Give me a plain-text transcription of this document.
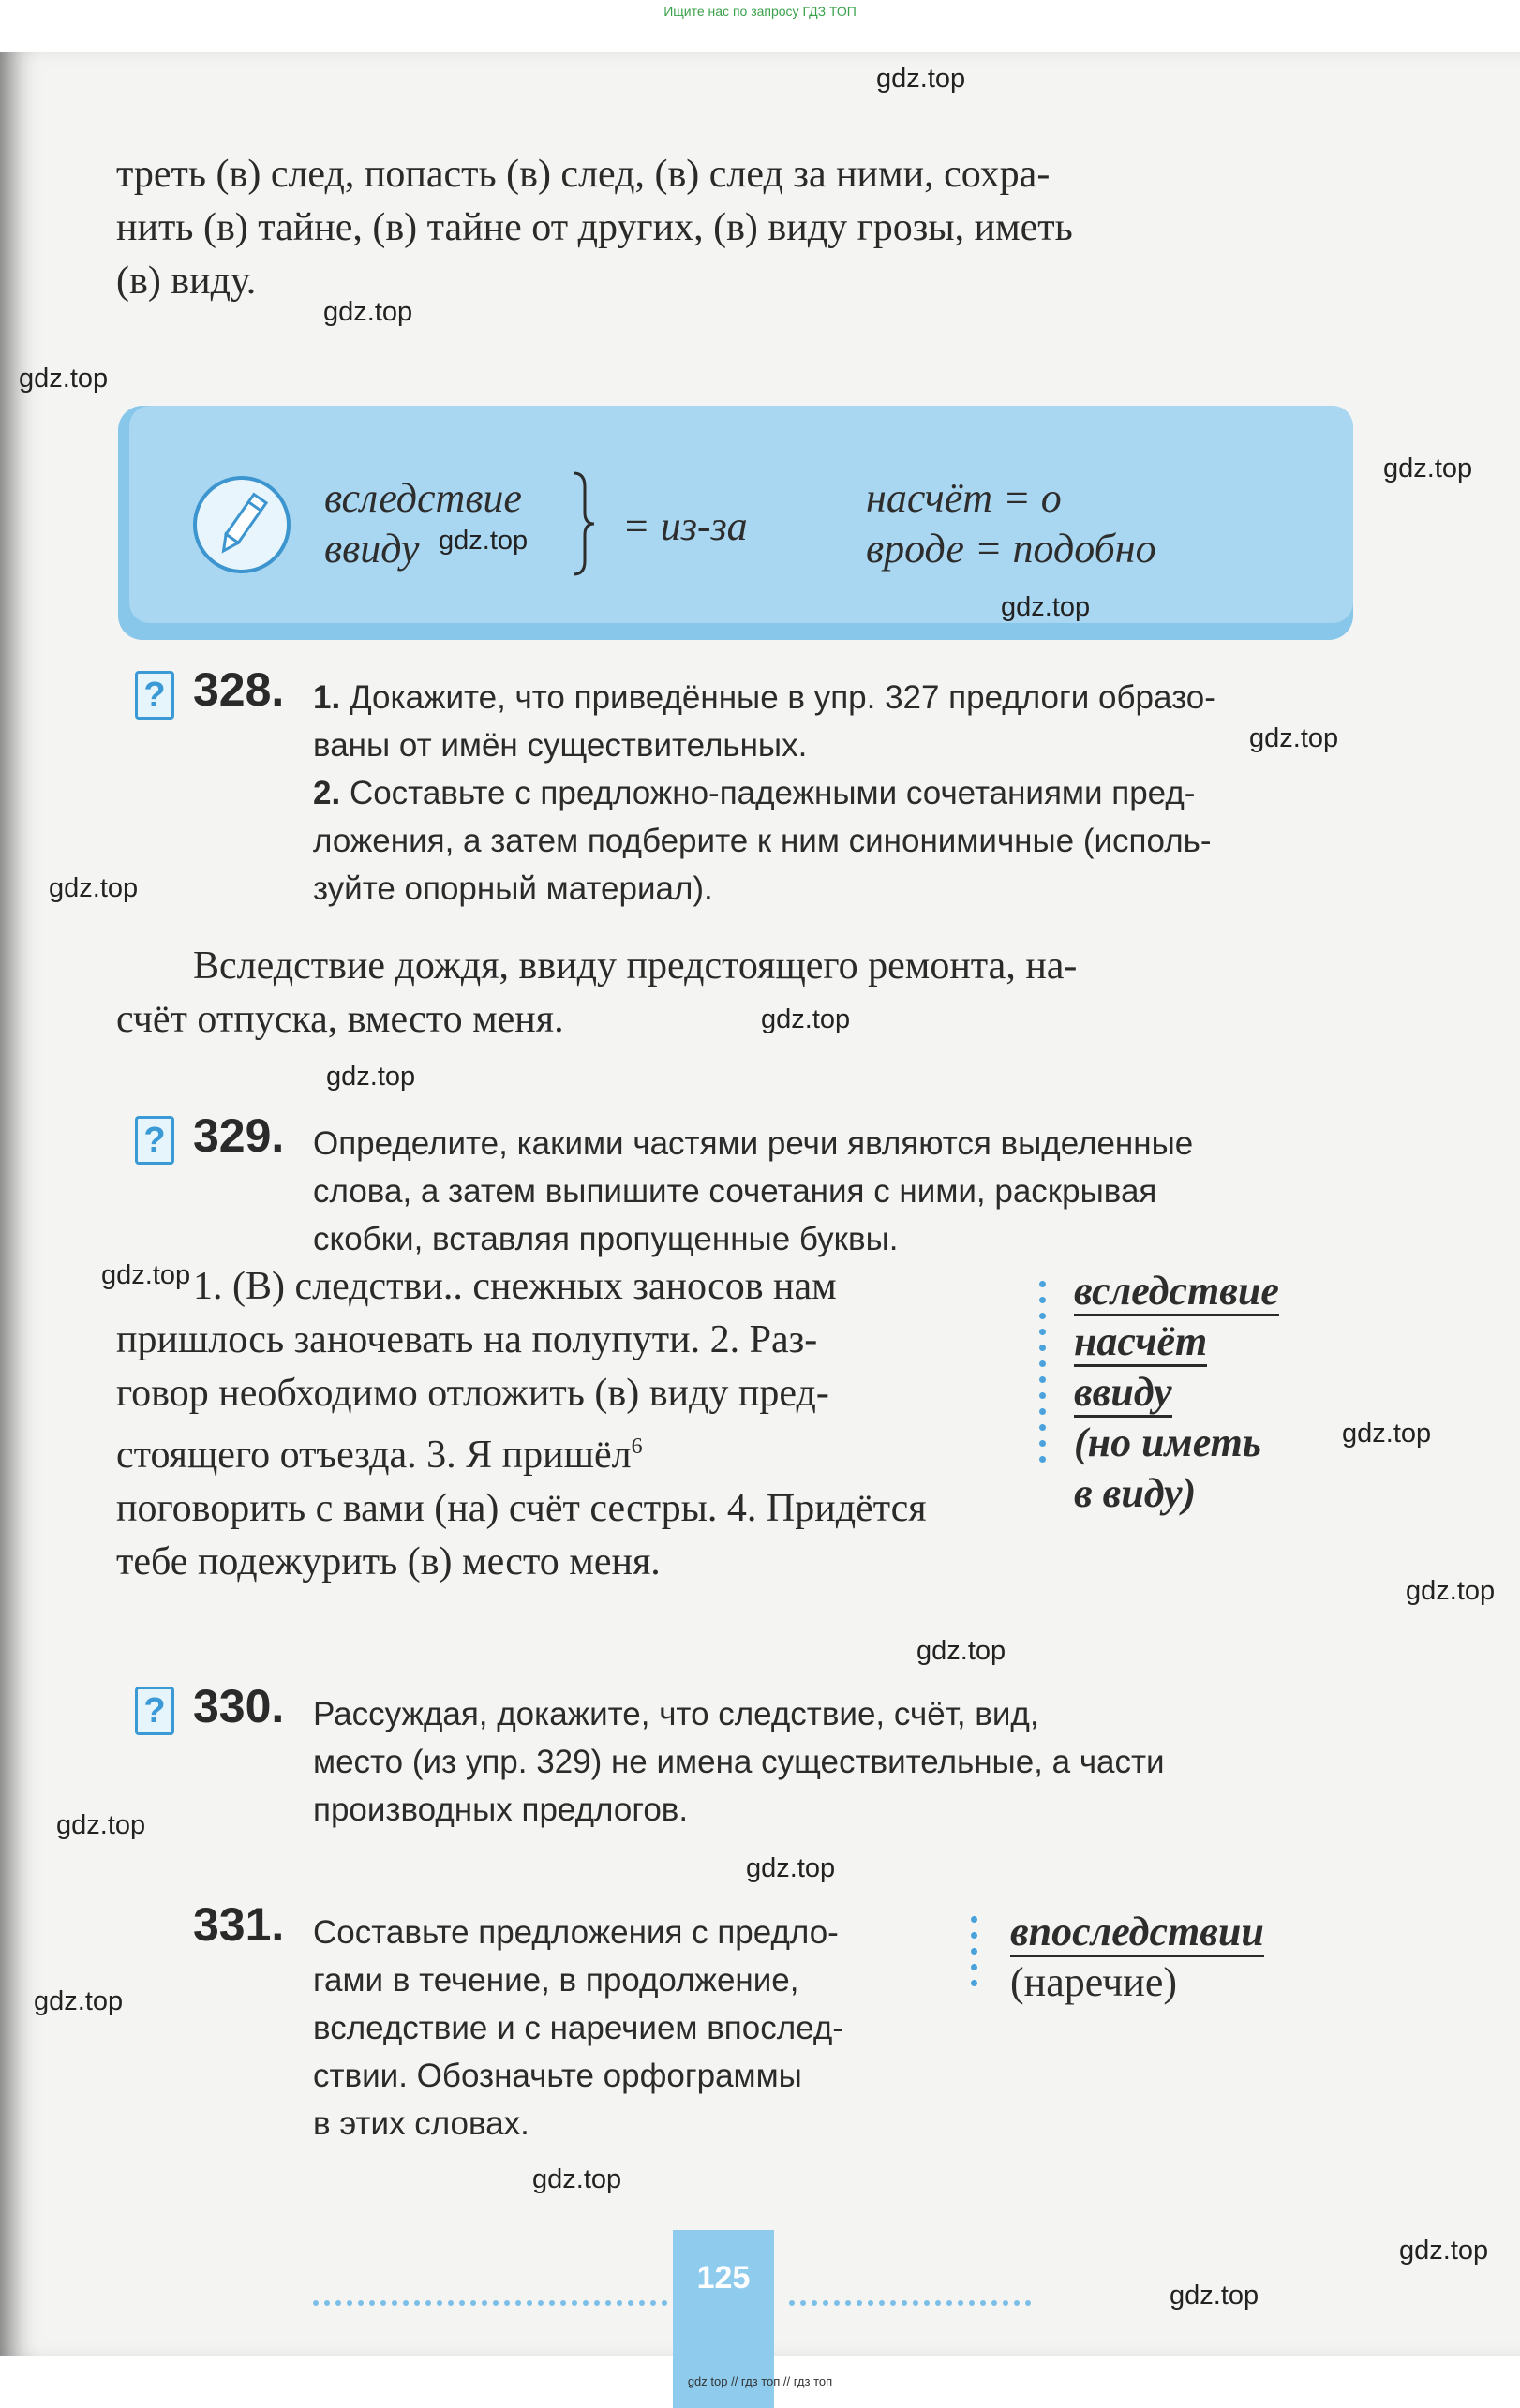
Ищите нас по запросу ГДЗ ТОП
треть (в) след, попасть (в) след, (в) след за ними, сохра-
нить (в) тайне, (в) тайне от других, (в) виду грозы, иметь
(в) виду.
вследствие
ввиду	= из-за
насчёт = о
вроде = подобно
? 328. 1. Докажите, что приведённые в упр. 327 предлоги образо-
ваны от имён существительных.
2. Составьте с предложно-падежными сочетаниями пред-
ложения, а затем подберите к ним синонимичные (исполь-
зуйте опорный материал).
Вследствие дождя, ввиду предстоящего ремонта, на-
счёт отпуска, вместо меня.
? 329. Определите, какими частями речи являются выделенные
слова, а затем выпишите сочетания с ними, раскрывая
скобки, вставляя пропущенные буквы.
1. (В) следстви.. снежных заносов нам
пришлось заночевать на полупути. 2. Раз-
говор необходимо отложить (в) виду пред-
стоящего отъезда. 3. Я пришёл$^6$
поговорить с вами (на) счёт сестры. 4. Придётся
тебе подежурить (в) место меня.
вследствие
насчёт
ввиду
(но иметь
в виду)
? 330. Рассуждая, докажите, что следствие, счёт, вид,
место (из упр. 329) не имена существительные, а части
производных предлогов.
331. Составьте предложения с предло-
гами в течение, в продолжение,
вследствие и с наречием впослед-
ствии. Обозначьте орфограммы
в этих словах.
впоследствии
(наречие)
125
gdz.top
gdz.top
gdz.top
gdz.top
gdz.top
gdz.top
gdz.top
gdz.top
gdz.top
gdz.top
gdz.top
gdz.top
gdz.top
gdz.top
gdz.top
gdz.top
gdz.top
gdz.top
gdz.top
gdz.top
gdz top // гдз топ // гдз топ
